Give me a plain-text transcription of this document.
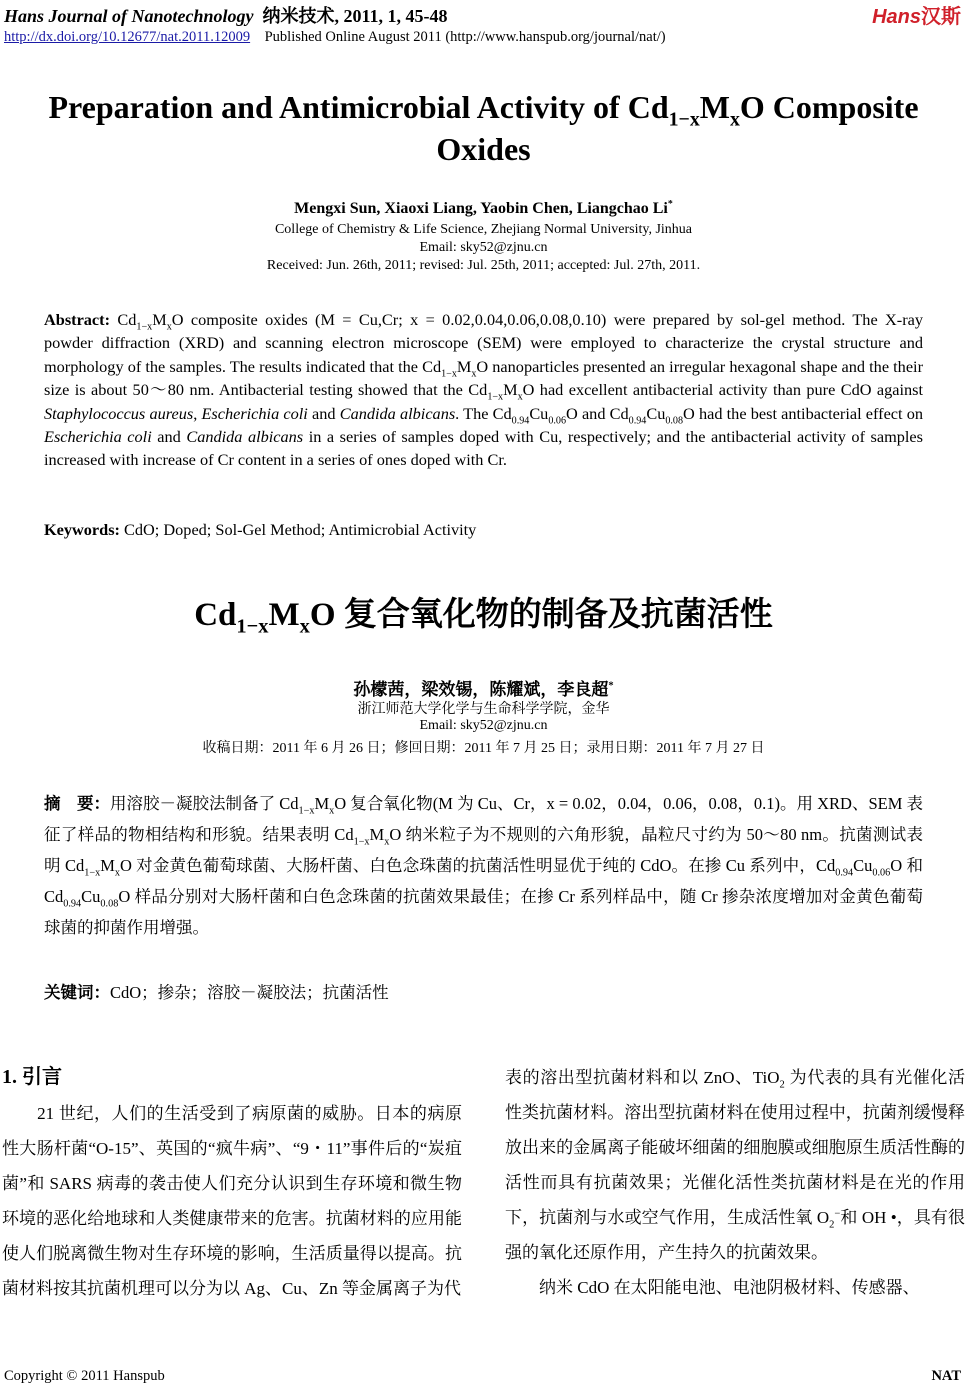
Hans Journal of Nanotechnology 纳米技术, 2011, 1, 45-48
http://dx.doi.org/10.12677/nat.2011.12009 Published Online August 2011 (http://www.hanspub.org/journal/nat/)
Hans汉斯
Preparation and Antimicrobial Activity of $Cd_{1-x}M_xO$ Composite Oxides
Mengxi Sun, Xiaoxi Liang, Yaobin Chen, Liangchao Li*
College of Chemistry & Life Science, Zhejiang Normal University, Jinhua
Email: sky52@zjnu.cn
Received: Jun. 26th, 2011; revised: Jul. 25th, 2011; accepted: Jul. 27th, 2011.
Abstract: $Cd_{1-x}M_xO$ composite oxides (M = Cu,Cr; x = 0.02,0.04,0.06,0.08,0.10) were prepared by sol-gel method. The X-ray powder diffraction (XRD) and scanning electron microscope (SEM) were employed to characterize the crystal structure and morphology of the samples. The results indicated that the $Cd_{1-x}M_xO$ nanoparticles presented an irregular hexagonal shape and the their size is about 50～80 nm. Antibacterial testing showed that the $Cd_{1-x}M_xO$ had excellent antibacterial activity than pure CdO against Staphylococcus aureus, Escherichia coli and Candida albicans. The $Cd_{0.94}Cu_{0.06}O$ and $Cd_{0.94}Cu_{0.08}O$ had the best antibacterial effect on Escherichia coli and Candida albicans in a series of samples doped with Cu, respectively; and the antibacterial activity of samples increased with increase of Cr content in a series of ones doped with Cr.
Keywords: CdO; Doped; Sol-Gel Method; Antimicrobial Activity
$Cd_{1-x}M_xO$ 复合氧化物的制备及抗菌活性
孙檬茜，梁效锡，陈耀斌，李良超*
浙江师范大学化学与生命科学学院，金华
Email: sky52@zjnu.cn
收稿日期：2011 年 6 月 26 日；修回日期：2011 年 7 月 25 日；录用日期：2011 年 7 月 27 日
摘　要：用溶胶－凝胶法制备了 $Cd_{1-x}M_xO$ 复合氧化物(M 为 Cu、Cr，x = 0.02，0.04，0.06，0.08，0.1)。用 XRD、SEM 表征了样品的物相结构和形貌。结果表明 $Cd_{1-x}M_xO$ 纳米粒子为不规则的六角形貌，晶粒尺寸约为 50～80 nm。抗菌测试表明 $Cd_{1-x}M_xO$ 对金黄色葡萄球菌、大肠杆菌、白色念珠菌的抗菌活性明显优于纯的 CdO。在掺 Cu 系列中，$Cd_{0.94}Cu_{0.06}O$ 和 $Cd_{0.94}Cu_{0.08}O$ 样品分别对大肠杆菌和白色念珠菌的抗菌效果最佳；在掺 Cr 系列样品中，随 Cr 掺杂浓度增加对金黄色葡萄球菌的抑菌作用增强。
关键词：CdO；掺杂；溶胶－凝胶法；抗菌活性
1. 引言
　　21 世纪，人们的生活受到了病原菌的威胁。日本的病原性大肠杆菌“O-15”、英国的“疯牛病”、“9・11”事件后的“炭疽菌”和 SARS 病毒的袭击使人们充分认识到生存环境和微生物环境的恶化给地球和人类健康带来的危害。抗菌材料的应用能使人们脱离微生物对生存环境的影响，生活质量得以提高。抗菌材料按其抗菌机理可以分为以 Ag、Cu、Zn 等金属离子为代
表的溶出型抗菌材料和以 ZnO、TiO$_2$ 为代表的具有光催化活性类抗菌材料。溶出型抗菌材料在使用过程中，抗菌剂缓慢释放出来的金属离子能破坏细菌的细胞膜或细胞原生质活性酶的活性而具有抗菌效果；光催化活性类抗菌材料是在光的作用下，抗菌剂与水或空气作用，生成活性氧 $O_2^-$和 OH •，具有很强的氧化还原作用，产生持久的抗菌效果。
　　纳米 CdO 在太阳能电池、电池阴极材料、传感器、
Copyright © 2011 Hanspub	NAT
